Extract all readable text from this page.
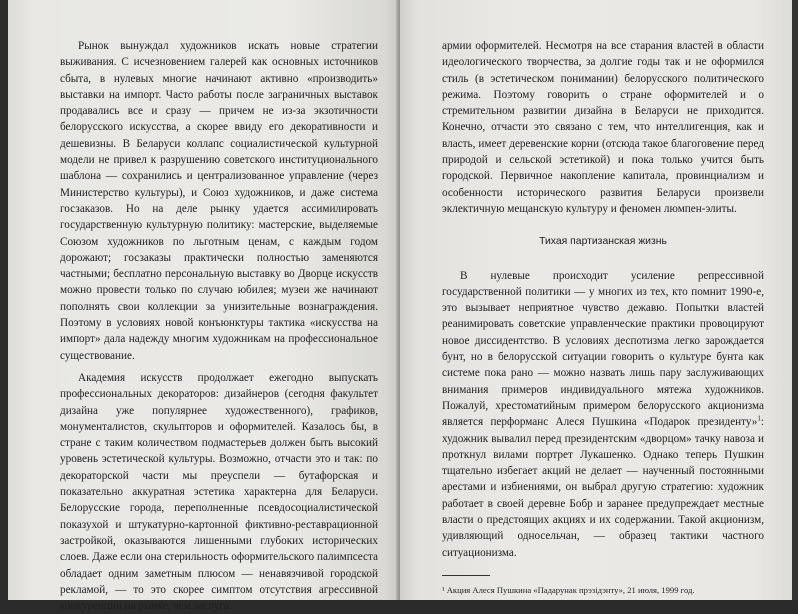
Рынок вынуждал художников искать новые стратегии выживания. С исчезновением галерей как основных источников сбыта, в нулевых многие начинают активно «производить» выставки на импорт. Часто работы после заграничных выставок продавались все и сразу — причем не из-за экзотичности белорусского искусства, а скорее ввиду его декоративности и дешевизны. В Беларуси коллапс социалистической культурной модели не привел к разрушению советского институционального шаблона — сохранились и централизованное управление (через Министерство культуры), и Союз художников, и даже система госзаказов. Но на деле рынку удается ассимилировать государственную культурную политику: мастерские, выделяемые Союзом художников по льготным ценам, с каждым годом дорожают; госзаказы практически полностью заменяются частными; бесплатно персональную выставку во Дворце искусств можно провести только по случаю юбилея; музеи же начинают пополнять свои коллекции за унизительные вознаграждения. Поэтому в условиях новой конъюнктуры тактика «искусства на импорт» дала надежду многим художникам на профессиональное существование.

Академия искусств продолжает ежегодно выпускать профессиональных декораторов: дизайнеров (сегодня факультет дизайна уже популярнее художественного), графиков, монументалистов, скульпторов и оформителей. Казалось бы, в стране с таким количеством подмастерьев должен быть высокий уровень эстетической культуры. Возможно, отчасти это и так: по декораторской части мы преуспели — бутафорская и показательно аккуратная эстетика характерна для Беларуси. Белорусские города, переполненные псевдосоциалистической показухой и штукатурно-картонной фиктивно-реставрационной застройкой, оказываются лишенными глубоких исторических слоев. Даже если она стерильность оформительского палимпсеста обладает одним заметным плюсом — ненавязчивой городской рекламой, — то это скорее симптом отсутствия агрессивной конкуренции на рынке, чем заслуга

армии оформителей. Несмотря на все старания властей в области идеологического творчества, за долгие годы так и не оформился стиль (в эстетическом понимании) белорусского политического режима. Поэтому говорить о стране оформителей и о стремительном развитии дизайна в Беларуси не приходится. Конечно, отчасти это связано с тем, что интеллигенция, как и власть, имеет деревенские корни (отсюда такое благоговение перед природой и сельской эстетикой) и пока только учится быть городской. Первичное накопление капитала, провинциализм и особенности исторического развития Беларуси произвели эклектичную мещанскую культуру и феномен люмпен-элиты.

Тихая партизанская жизнь

В нулевые происходит усиление репрессивной государственной политики — у многих из тех, кто помнит 1990-е, это вызывает неприятное чувство дежавю. Попытки властей реанимировать советские управленческие практики провоцируют новое диссидентство. В условиях деспотизма легко зарождается бунт, но в белорусской ситуации говорить о культуре бунта как системе пока рано — можно назвать лишь пару заслуживающих внимания примеров индивидуального мятежа художников. Пожалуй, хрестоматийным примером белорусского акционизма является перформанс Алеся Пушкина «Подарок президенту»$^1$: художник вывалил перед президентским «дворцом» тачку навоза и проткнул вилами портрет Лукашенко. Однако теперь Пушкин тщательно избегает акций не делает — наученный постоянными арестами и избиениями, он выбрал другую стратегию: художник работает в своей деревне Бобр и заранее предупреждает местные власти о предстоящих акциях и их содержании. Такой акционизм, удивляющий односельчан, — образец тактики частного ситуационизма.

¹ Акция Алеся Пушкина «Падарунак прэзідэнту», 21 июля, 1999 год.
